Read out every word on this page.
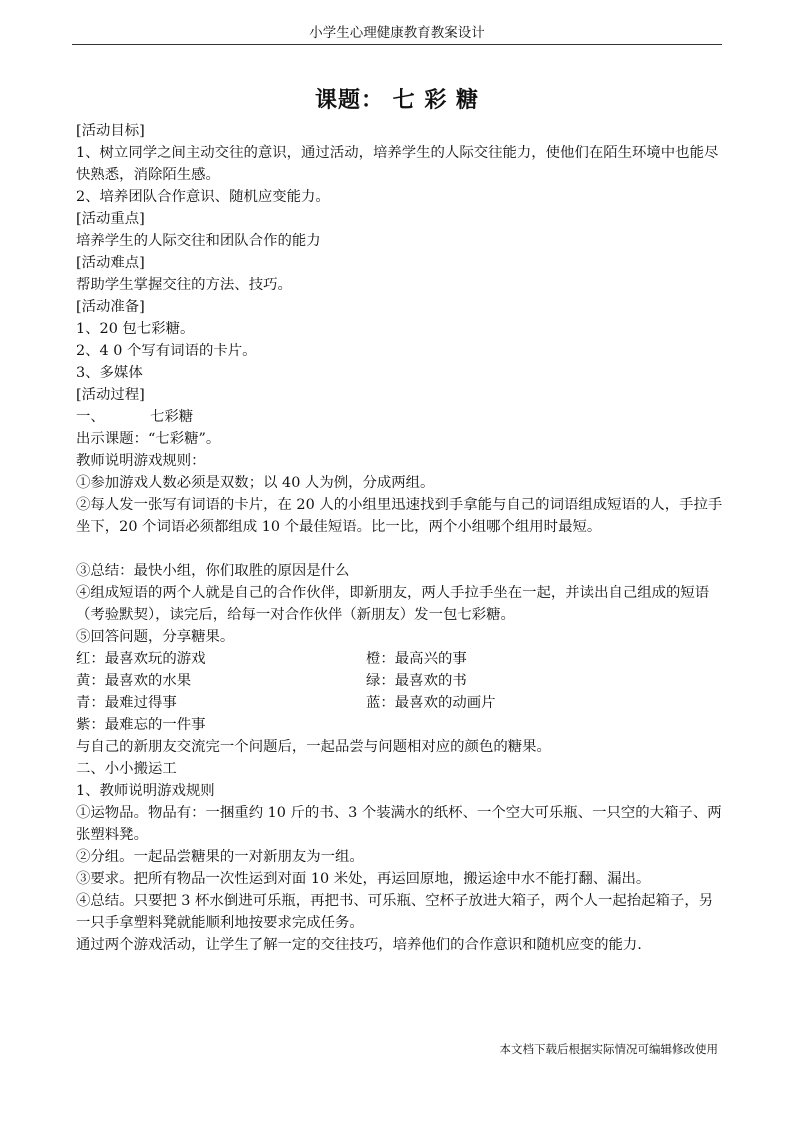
小学生心理健康教育教案设计
课题： 七 彩 糖

[活动目标]

1、树立同学之间主动交往的意识，通过活动，培养学生的人际交往能力，使他们在陌生环境中也能尽快熟悉，消除陌生感。

2、培养团队合作意识、随机应变能力。

[活动重点]

培养学生的人际交往和团队合作的能力

[活动难点]

帮助学生掌握交往的方法、技巧。

[活动准备]

1、20 包七彩糖。

2、4 0 个写有词语的卡片。

3、多媒体

[活动过程]

一、	七彩糖

出示课题：“七彩糖”。

教师说明游戏规则：

①参加游戏人数必须是双数；以 40 人为例，分成两组。

②每人发一张写有词语的卡片，在 20 人的小组里迅速找到手拿能与自己的词语组成短语的人，手拉手坐下，20 个词语必须都组成 10 个最佳短语。比一比，两个小组哪个组用时最短。

③总结：最快小组，你们取胜的原因是什么

④组成短语的两个人就是自己的合作伙伴，即新朋友，两人手拉手坐在一起，并读出自己组成的短语（考验默契），读完后，给每一对合作伙伴（新朋友）发一包七彩糖。

⑤回答问题，分享糖果。

红：最喜欢玩的游戏	橙：最高兴的事
黄：最喜欢的水果	绿：最喜欢的书
青：最难过得事	蓝：最喜欢的动画片

紫：最难忘的一件事

与自己的新朋友交流完一个问题后，一起品尝与问题相对应的颜色的糖果。

二、小小搬运工

1、教师说明游戏规则

①运物品。物品有：一捆重约 10 斤的书、3 个装满水的纸杯、一个空大可乐瓶、一只空的大箱子、两张塑料凳。

②分组。一起品尝糖果的一对新朋友为一组。

③要求。把所有物品一次性运到对面 10 米处，再运回原地，搬运途中水不能打翻、漏出。

④总结。只要把 3 杯水倒进可乐瓶，再把书、可乐瓶、空杯子放进大箱子，两个人一起抬起箱子，另一只手拿塑料凳就能顺利地按要求完成任务。

通过两个游戏活动，让学生了解一定的交往技巧，培养他们的合作意识和随机应变的能力.

本文档下载后根据实际情况可编辑修改使用
